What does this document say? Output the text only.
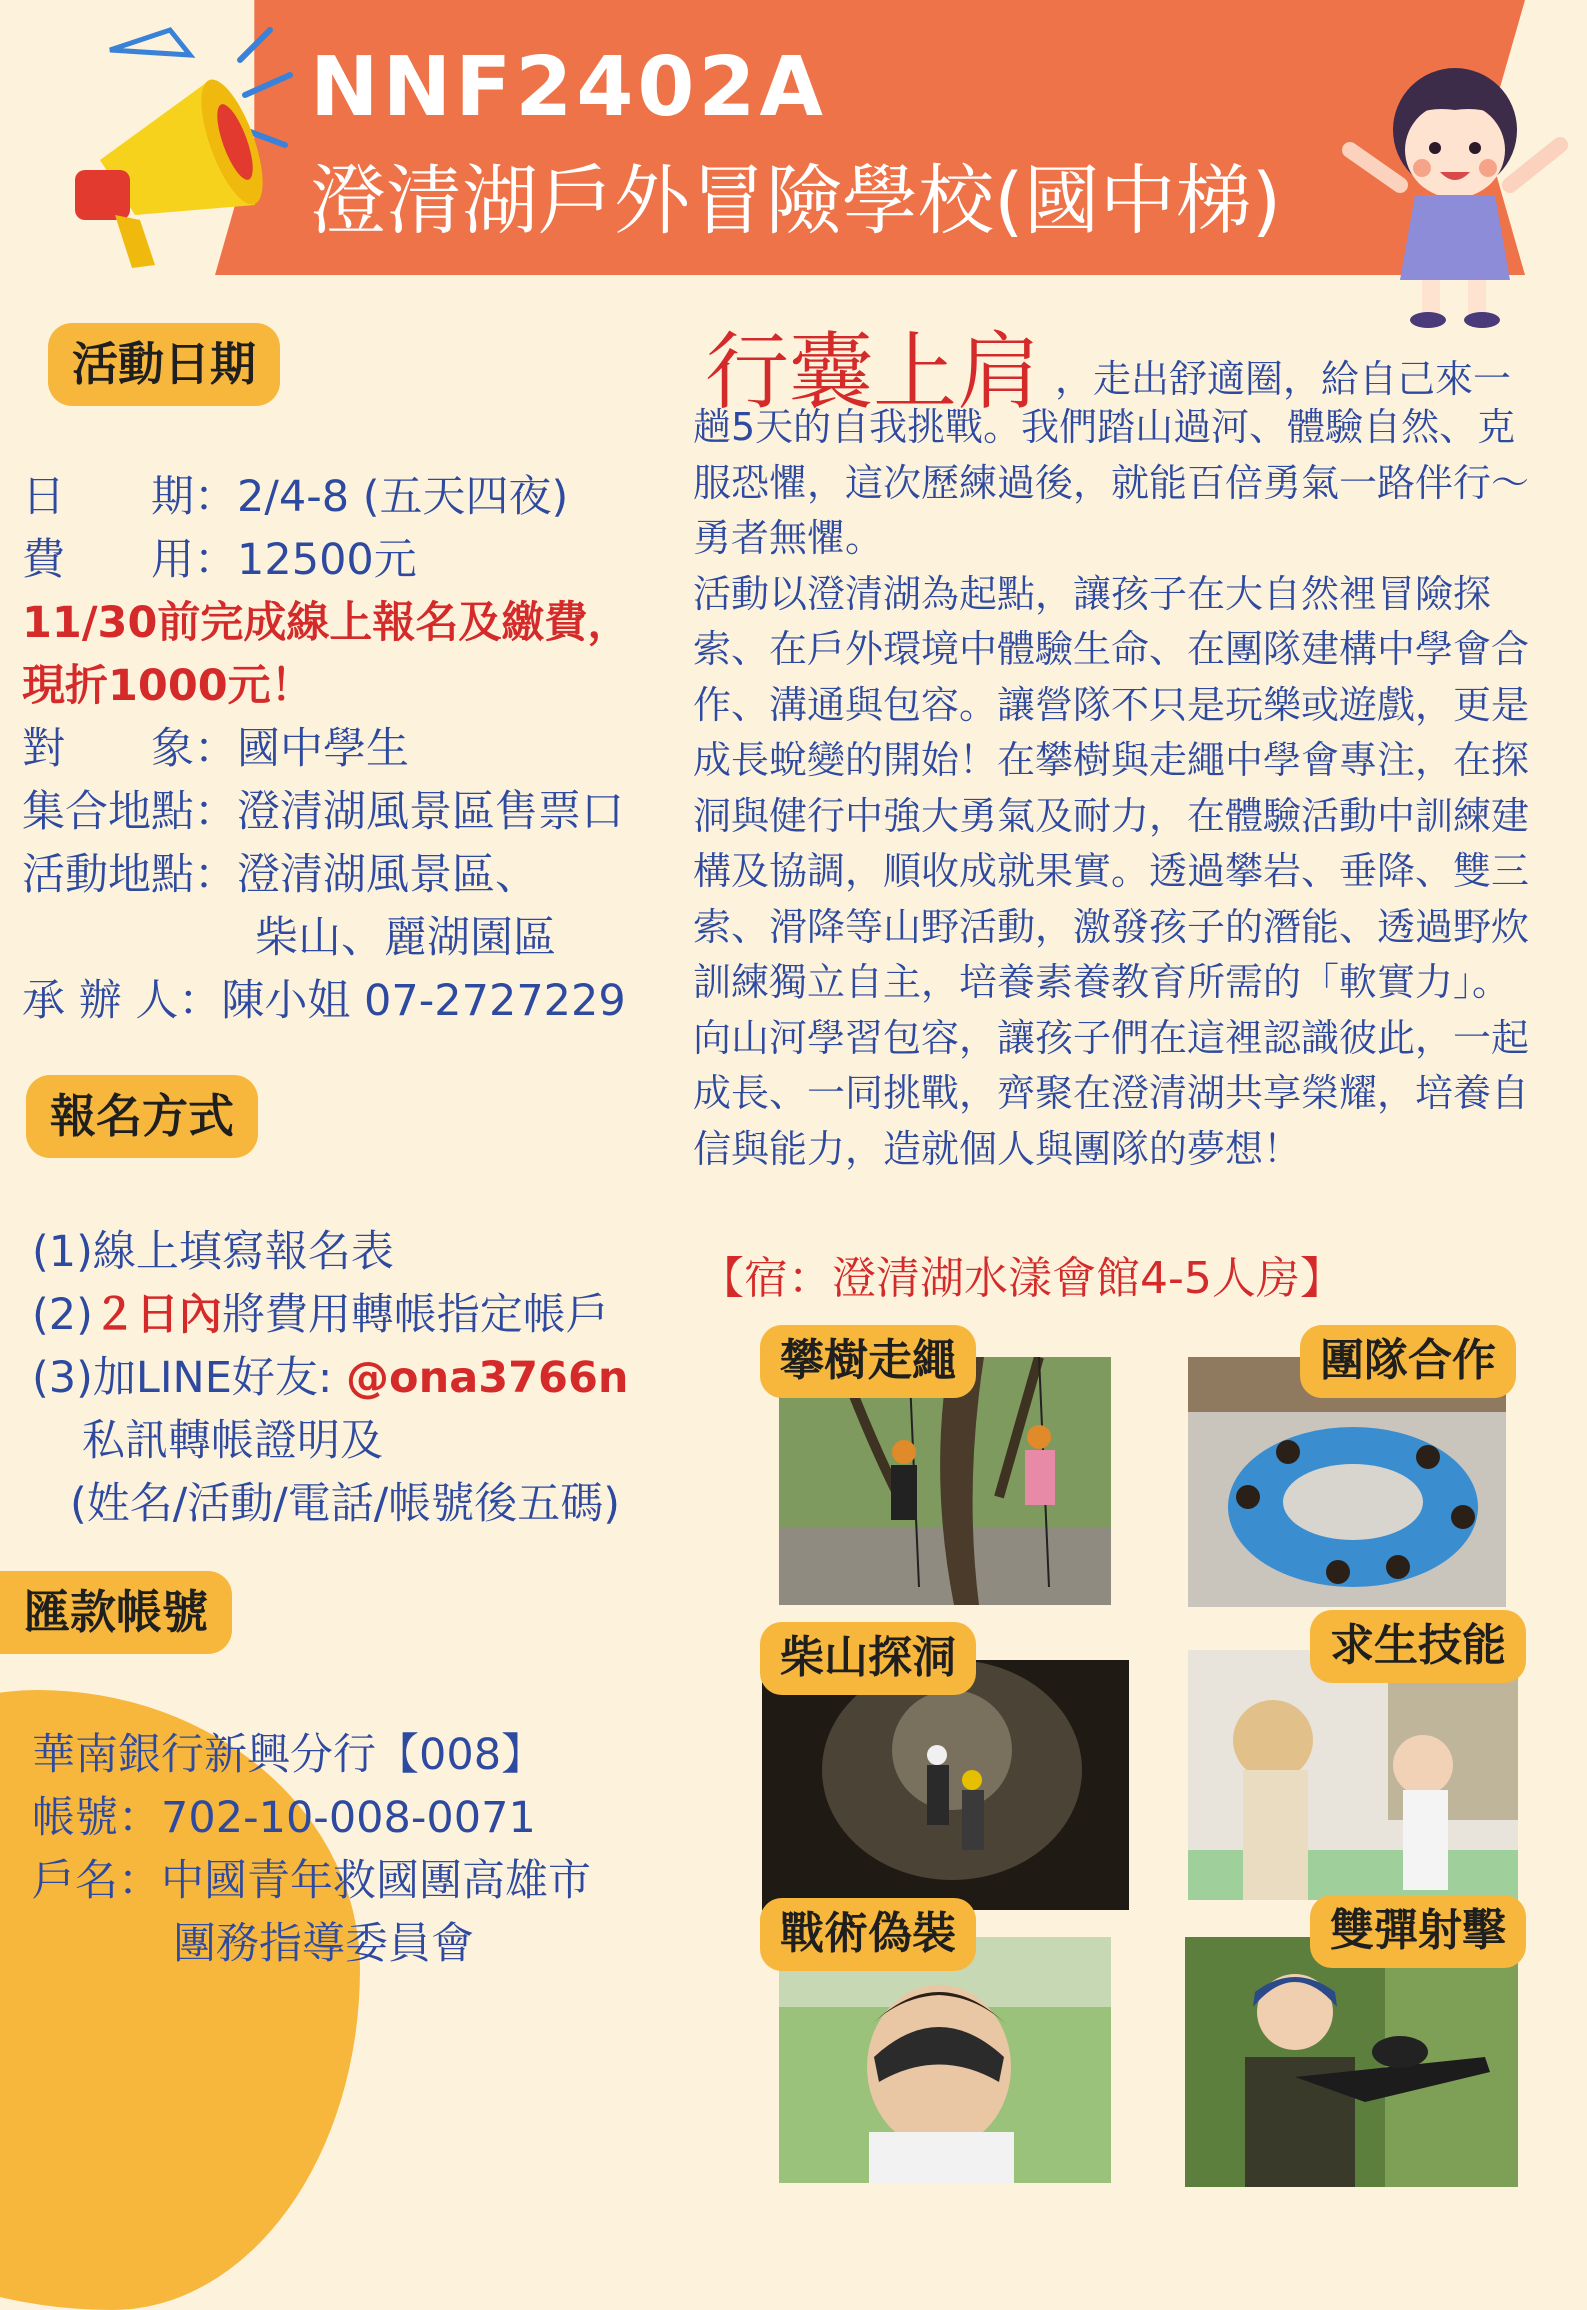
NNF2402A

澄清湖戶外冒險學校(國中梯)

活動日期

日　　期：2/4-8 (五天四夜)

費　　用：12500元

11/30前完成線上報名及繳費，

現折1000元！

對　　象：國中學生

集合地點：澄清湖風景區售票口

活動地點：澄清湖風景區、

柴山、麗湖園區

承 辦 人：陳小姐 07-2727229

報名方式

(1)線上填寫報名表

(2)２日內將費用轉帳指定帳戶

(3)加LINE好友: @ona3766n

私訊轉帳證明及

(姓名/活動/電話/帳號後五碼)

匯款帳號

華南銀行新興分行【008】

帳號：702-10-008-0071

戶名：中國青年救國團高雄市

團務指導委員會

行囊上肩 ，走出舒適圈，給自己來一

趟5天的自我挑戰。我們踏山過河、體驗自然、克服恐懼，這次歷練過後，就能百倍勇氣一路伴行～勇者無懼。
活動以澄清湖為起點，讓孩子在大自然裡冒險探索、在戶外環境中體驗生命、在團隊建構中學會合作、溝通與包容。讓營隊不只是玩樂或遊戲，更是成長蛻變的開始！在攀樹與走繩中學會專注，在探洞與健行中強大勇氣及耐力，在體驗活動中訓練建構及協調，順收成就果實。透過攀岩、垂降、雙三索、滑降等山野活動，激發孩子的潛能、透過野炊訓練獨立自主，培養素養教育所需的「軟實力」。
向山河學習包容，讓孩子們在這裡認識彼此，一起成長、一同挑戰，齊聚在澄清湖共享榮耀，培養自信與能力，造就個人與團隊的夢想！

【宿：澄清湖水漾會館4-5人房】

攀樹走繩	團隊合作
柴山探洞	求生技能
戰術偽裝	雙彈射擊
